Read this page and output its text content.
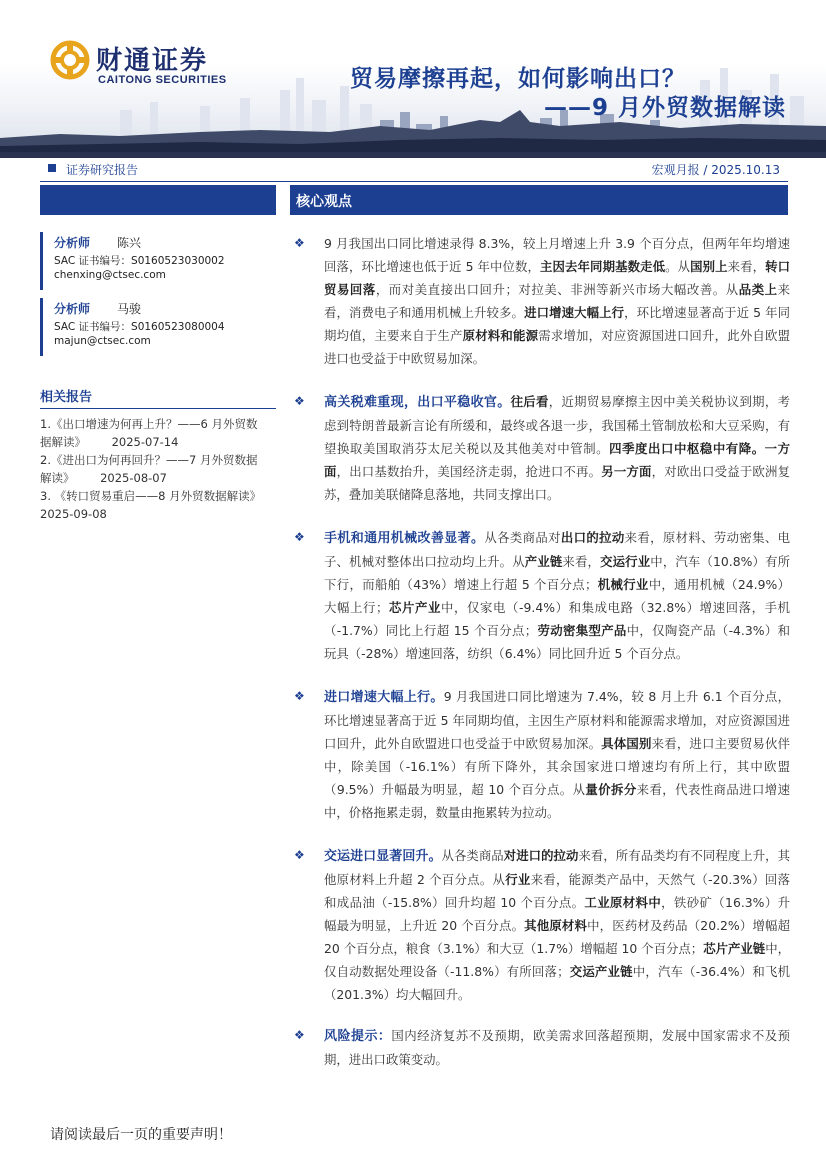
财通证券
CAITONG SECURITIES	贸易摩擦再起，如何影响出口？
——9 月外贸数据解读
证券研究报告	宏观月报 / 2025.10.13
分析师 陈兴
SAC 证书编号：S0160523030002
chenxing@ctsec.com
分析师 马骏
SAC 证书编号：S0160523080004
majun@ctsec.com
相关报告
1.《出口增速为何再上升？——6 月外贸数
据解读》       2025-07-14
2.《进出口为何再回升？——7 月外贸数据
解读》       2025-08-07
3. 《转口贸易重启——8 月外贸数据解读》
2025-09-08
核心观点
❖ 9 月我国出口同比增速录得 8.3%，较上月增速上升 3.9 个百分点，但两年年均增速回落，环比增速也低于近 5 年中位数，主因去年同期基数走低。从国别上来看，转口贸易回落，而对美直接出口回升；对拉美、非洲等新兴市场大幅改善。从品类上来看，消费电子和通用机械上升较多。进口增速大幅上行，环比增速显著高于近 5 年同期均值，主要来自于生产原材料和能源需求增加，对应资源国进口回升，此外自欧盟进口也受益于中欧贸易加深。
❖ 高关税难重现，出口平稳收官。往后看，近期贸易摩擦主因中美关税协议到期，考虑到特朗普最新言论有所缓和，最终或各退一步，我国稀土管制放松和大豆采购，有望换取美国取消芬太尼关税以及其他美对中管制。四季度出口中枢稳中有降。一方面，出口基数抬升，美国经济走弱，抢进口不再。另一方面，对欧出口受益于欧洲复苏，叠加美联储降息落地，共同支撑出口。
❖ 手机和通用机械改善显著。从各类商品对出口的拉动来看，原材料、劳动密集、电子、机械对整体出口拉动均上升。从产业链来看，交运行业中，汽车（10.8%）有所下行，而船舶（43%）增速上行超 5 个百分点；机械行业中，通用机械（24.9%）大幅上行；芯片产业中，仅家电（-9.4%）和集成电路（32.8%）增速回落，手机（-1.7%）同比上行超 15 个百分点；劳动密集型产品中，仅陶瓷产品（-4.3%）和玩具（-28%）增速回落，纺织（6.4%）同比回升近 5 个百分点。
❖ 进口增速大幅上行。9 月我国进口同比增速为 7.4%，较 8 月上升 6.1 个百分点，环比增速显著高于近 5 年同期均值，主因生产原材料和能源需求增加，对应资源国进口回升，此外自欧盟进口也受益于中欧贸易加深。具体国别来看，进口主要贸易伙伴中，除美国（-16.1%）有所下降外，其余国家进口增速均有所上行，其中欧盟（9.5%）升幅最为明显，超 10 个百分点。从量价拆分来看，代表性商品进口增速中，价格拖累走弱，数量由拖累转为拉动。
❖ 交运进口显著回升。从各类商品对进口的拉动来看，所有品类均有不同程度上升，其他原材料上升超 2 个百分点。从行业来看，能源类产品中，天然气（-20.3%）回落和成品油（-15.8%）回升均超 10 个百分点。工业原材料中，铁砂矿（16.3%）升幅最为明显，上升近 20 个百分点。其他原材料中，医药材及药品（20.2%）增幅超 20 个百分点，粮食（3.1%）和大豆（1.7%）增幅超 10 个百分点；芯片产业链中，仅自动数据处理设备（-11.8%）有所回落；交运产业链中，汽车（-36.4%）和飞机（201.3%）均大幅回升。
❖ 风险提示：国内经济复苏不及预期，欧美需求回落超预期，发展中国家需求不及预期，进出口政策变动。
请阅读最后一页的重要声明！
